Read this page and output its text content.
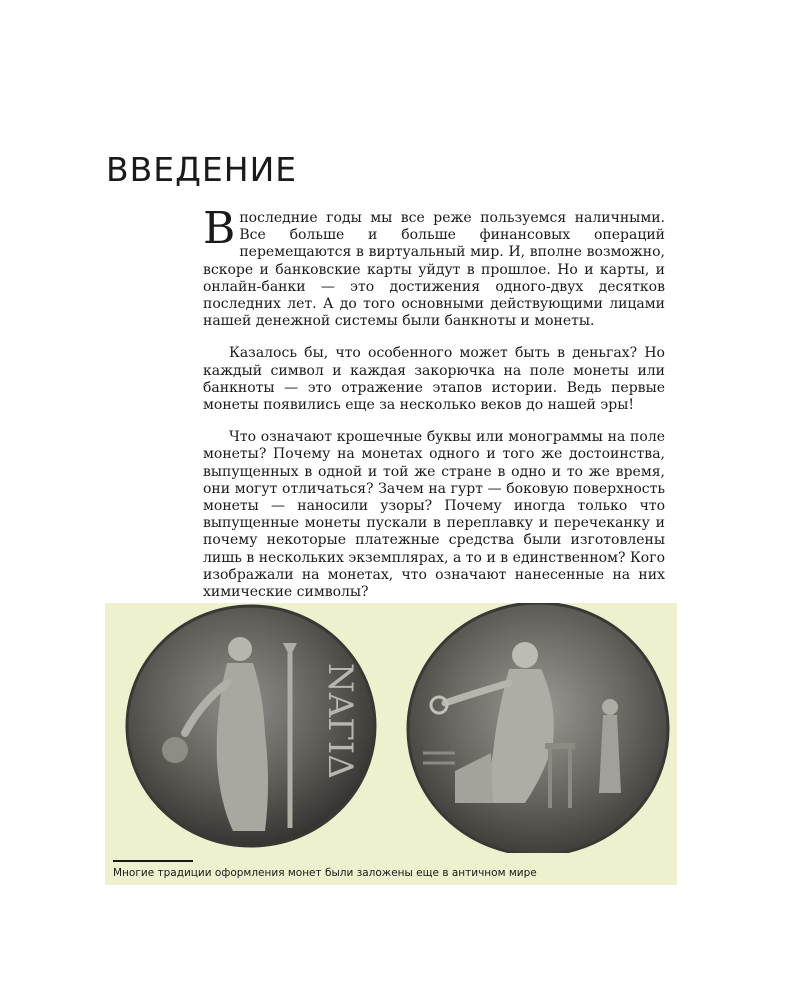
ВВЕДЕНИЕ

Впоследние годы мы все реже пользуемся наличными. Все больше и больше финансовых операций перемещаются в виртуальный мир. И, вполне возможно, вскоре и банковские карты уйдут в прошлое. Но и карты, и онлайн-банки — это достижения одного-двух десятков последних лет. А до того основными действующими лицами нашей денежной системы были банкноты и монеты.

Казалось бы, что особенного может быть в деньгах? Но каждый символ и каждая закорючка на поле монеты или банкноты — это отражение этапов истории. Ведь первые монеты появились еще за несколько веков до нашей эры!

Что означают крошечные буквы или монограммы на поле монеты? Почему на монетах одного и того же достоинства, выпущенных в одной и той же стране в одно и то же время, они могут отличаться? Зачем на гурт — боковую поверхность монеты — наносили узоры? Почему иногда только что выпущенные монеты пускали в переплавку и перечеканку и почему некоторые платежные средства были изготовлены лишь в нескольких экземплярах, а то и в единственном? Кого изображали на монетах, что означают нанесенные на них химические символы?

NAΓIΔ
Многие традиции оформления монет были заложены еще в античном мире
